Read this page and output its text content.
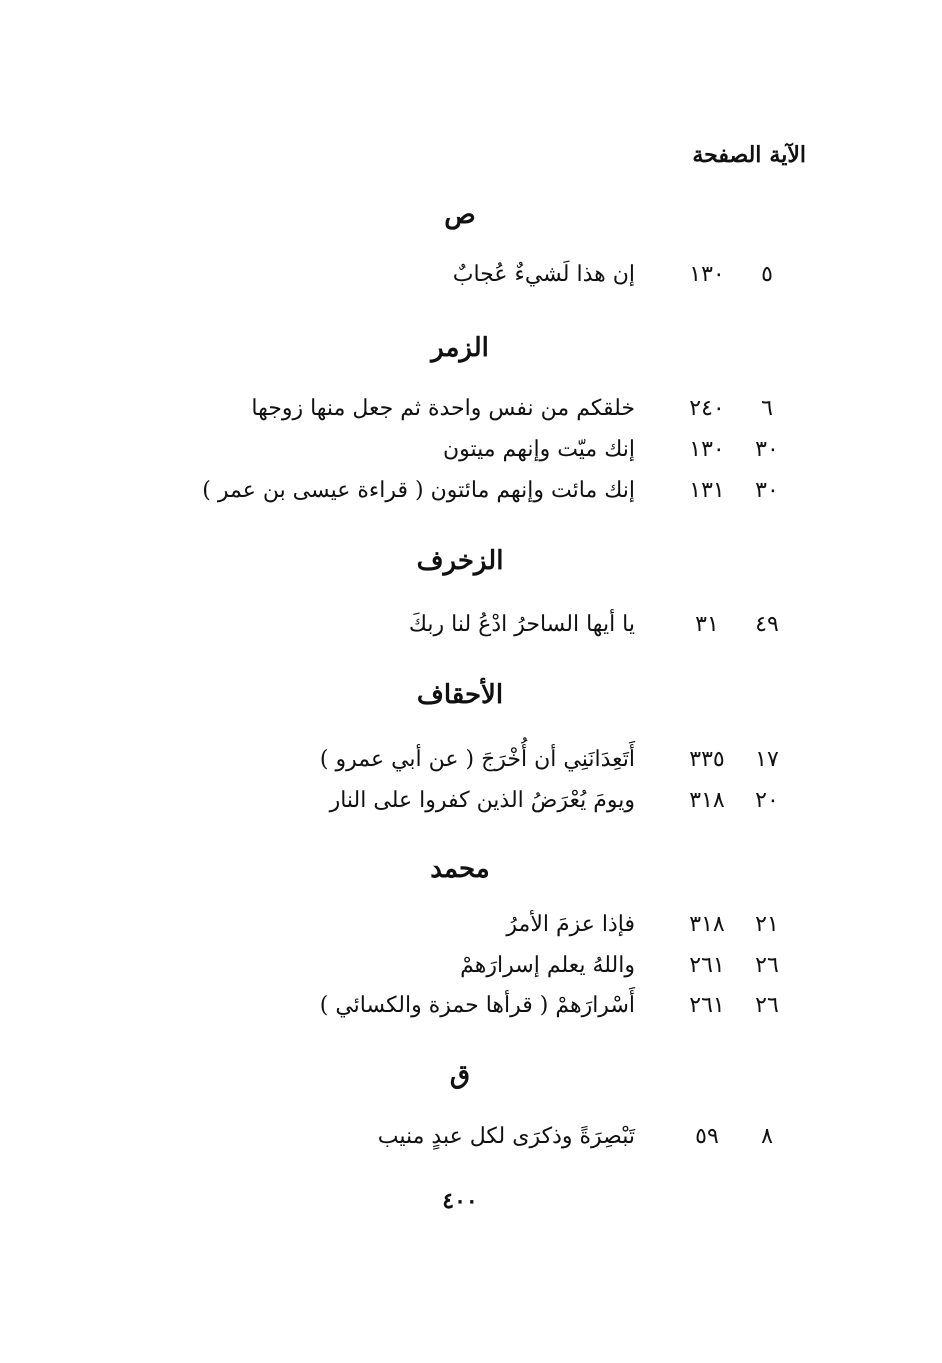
الآيةالصفحة
ص
٥
١٣٠
إن هذا لَشيءٌ عُجابٌ
الزمر
٦
٢٤٠
خلقكم من نفس واحدة ثم جعل منها زوجها
٣٠
١٣٠
إنك ميّت وإنهم ميتون
٣٠
١٣١
إنك مائت وإنهم مائتون ( قراءة عيسى بن عمر )
الزخرف
٤٩
٣١
يا أيها الساحرُ ادْعُ لنا ربكَ
الأحقاف
١٧
٣٣٥
أَتَعِدَانَنِي أن أُخْرَجَ ( عن أبي عمرو )
٢٠
٣١٨
ويومَ يُعْرَضُ الذين كفروا على النار
محمد
٢١
٣١٨
فإذا عزمَ الأمرُ
٢٦
٢٦١
واللهُ يعلم إسرارَهمْ
٢٦
٢٦١
أَسْرارَهمْ ( قرأها حمزة والكسائي )
ق
٨
٥٩
تَبْصِرَةً وذكرَى لكل عبدٍ منيب
٤٠٠
